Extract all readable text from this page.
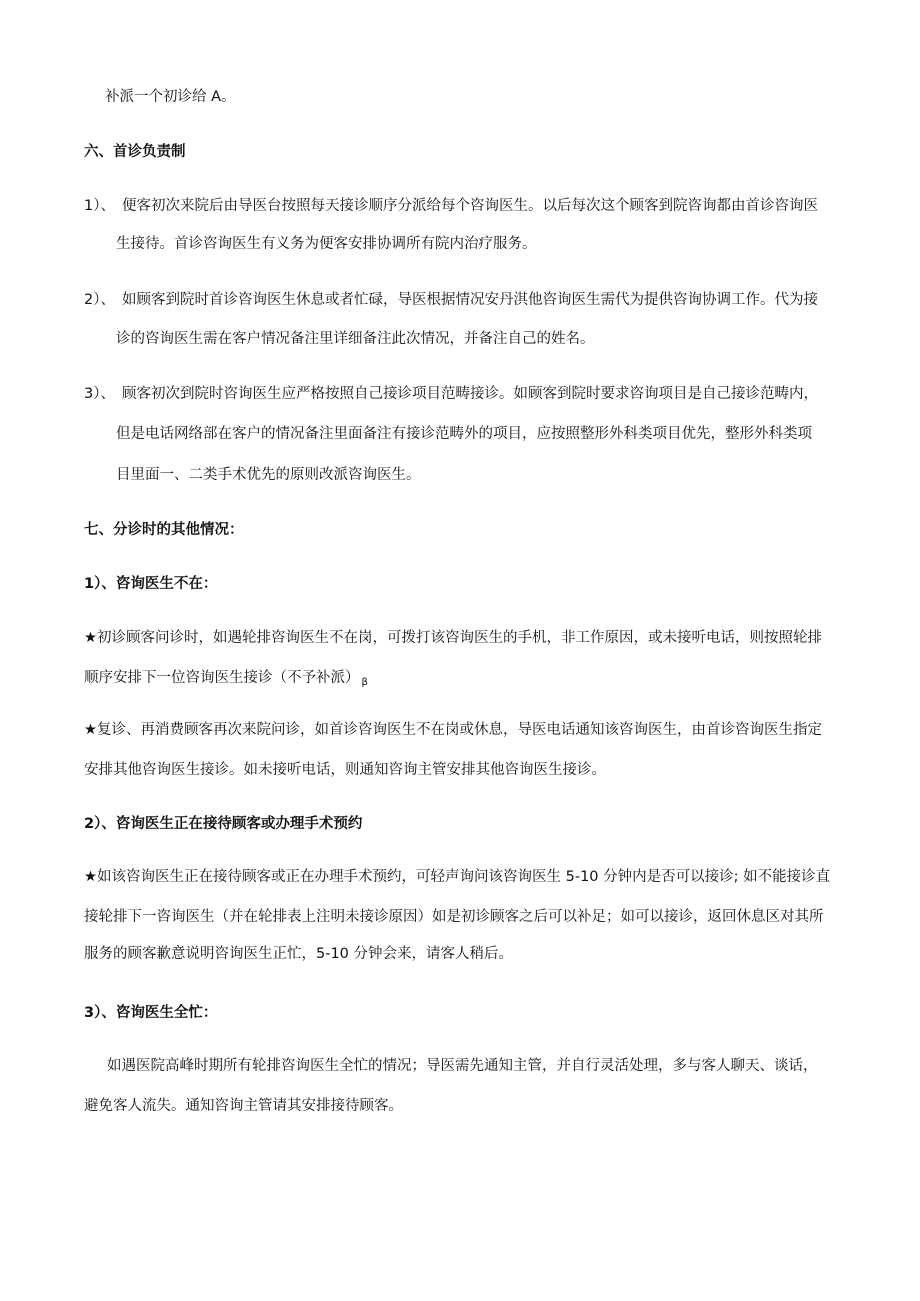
补派一个初诊给 A。
六、首诊负责制
1）、 便客初次来院后由导医台按照每天接诊顺序分派给每个咨询医生。以后每次这个顾客到院咨询都由首诊咨询医
生接待。首诊咨询医生有义务为便客安排协调所有院内治疗服务。
2）、 如顾客到院时首诊咨询医生休息或者忙碌，导医根据情况安丹淇他咨询医生需代为提供咨询协调工作。代为接
诊的咨询医生需在客户情况备注里详细备注此次情况，并备注自己的姓名。
3）、 顾客初次到院时咨询医生应严格按照自己接诊项目范畴接诊。如顾客到院时要求咨询项目是自己接诊范畴内，
但是电话网络部在客户的情况备注里面备注有接诊范畴外的项目，应按照整形外科类项目优先，整形外科类项
目里面一、二类手术优先的原则改派咨询医生。
七、分诊时的其他情况：
1）、咨询医生不在：
★初诊顾客问诊时，如遇轮排咨询医生不在岗，可拨打该咨询医生的手机，非工作原因，或未接听电话，则按照轮排
顺序安排下一位咨询医生接诊（不予补派） $_\beta$
★复诊、再消费顾客再次来院问诊，如首诊咨询医生不在岗或休息，导医电话通知该咨询医生，由首诊咨询医生指定
安排其他咨询医生接诊。如未接听电话，则通知咨询主管安排其他咨询医生接诊。
2）、咨询医生正在接待顾客或办理手术预约
★如该咨询医生正在接待顾客或正在办理手术预约，可轻声询问该咨询医生 5-10 分钟内是否可以接诊; 如不能接诊直
接轮排下一咨询医生（并在轮排表上注明未接诊原因）如是初诊顾客之后可以补足；如可以接诊，返回休息区对其所
服务的顾客歉意说明咨询医生正忙，5-10 分钟会来，请客人稍后。
3）、咨询医生全忙：
如遇医院高峰时期所有轮排咨询医生全忙的情况；导医需先通知主管，并自行灵活处理，多与客人聊天、谈话，
避免客人流失。通知咨询主管请其安排接待顾客。
